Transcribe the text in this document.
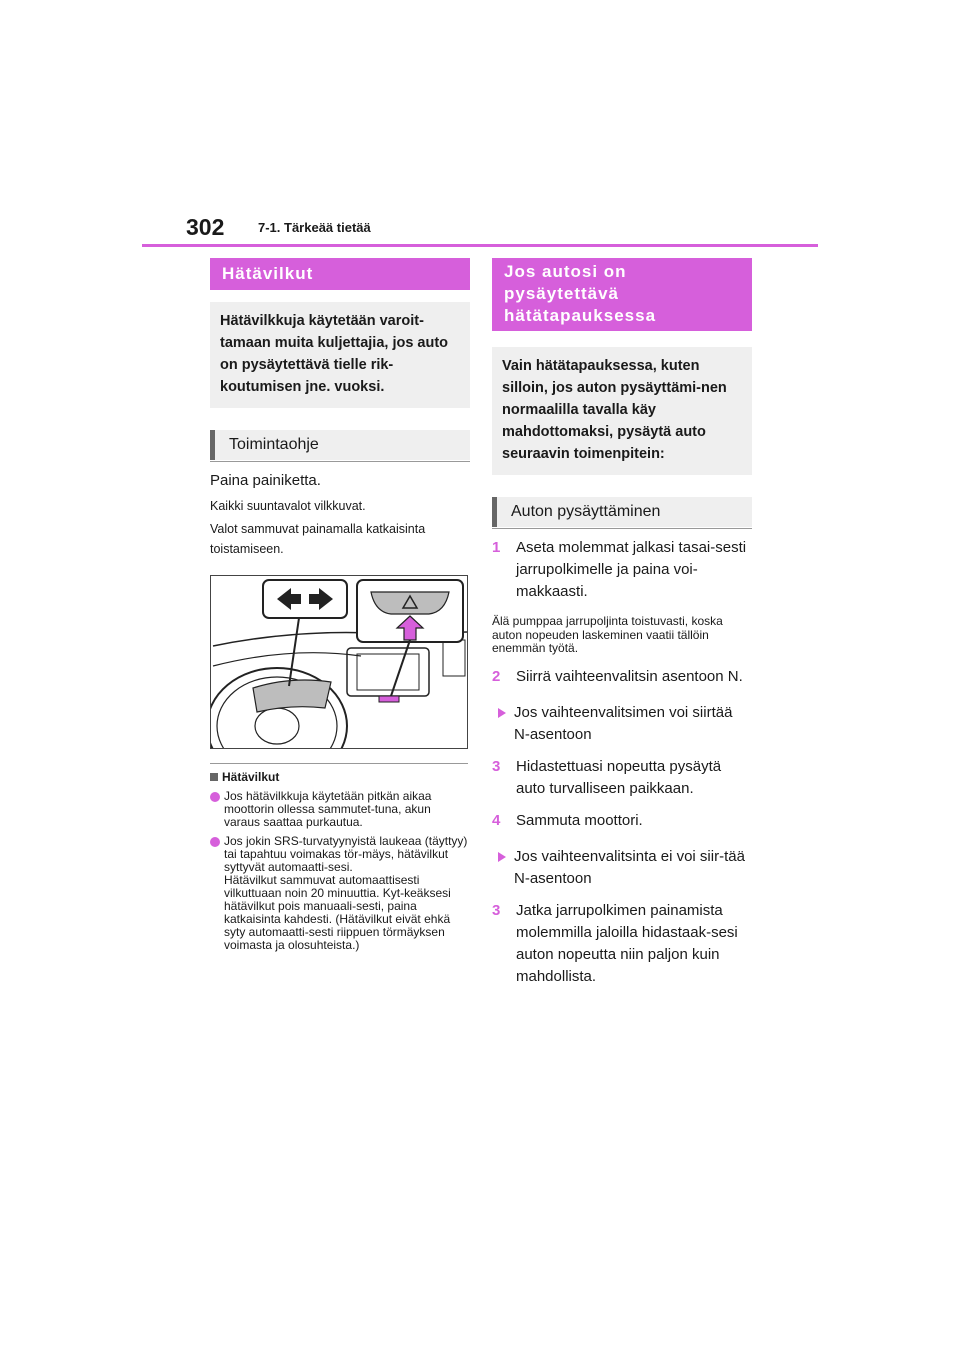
302	7-1. Tärkeää tietää
Hätävilkut
Hätävilkkuja käytetään varoit-tamaan muita kuljettajia, jos auto on pysäytettävä tielle rik-koutumisen jne. vuoksi.
Toimintaohje

Paina painiketta.

Kaikki suuntavalot vilkkuvat.

Valot sammuvat painamalla katkaisinta toistamiseen.

Hätävilkut
Jos hätävilkkuja käytetään pitkän aikaa moottorin ollessa sammutet-tuna, akun varaus saattaa purkautua.
Jos jokin SRS-turvatyynyistä laukeaa (täyttyy) tai tapahtuu voimakas tör-mäys, hätävilkut syttyvät automaatti-sesi.
Hätävilkut sammuvat automaattisesti vilkuttuaan noin 20 minuuttia. Kyt-keäksesi hätävilkut pois manuaali-sesti, paina katkaisinta kahdesti. (Hätävilkut eivät ehkä syty automaatti-sesti riippuen törmäyksen voimasta ja olosuhteista.)
Jos autosi on pysäytettävä hätätapauksessa
Vain hätätapauksessa, kuten silloin, jos auton pysäyttämi-nen normaalilla tavalla käy mahdottomaksi, pysäytä auto seuraavin toimenpitein:
Auton pysäyttäminen
1	Aseta molemmat jalkasi tasai-sesti jarrupolkimelle ja paina voi-makkaasti.

Älä pumppaa jarrupoljinta toistuvasti, koska auton nopeuden laskeminen vaatii tällöin enemmän työtä.

2	Siirrä vaihteenvalitsin asentoon N.
Jos vaihteenvalitsimen voi siirtää N-asentoon
3	Hidastettuasi nopeutta pysäytä auto turvalliseen paikkaan.
4	Sammuta moottori.
Jos vaihteenvalitsinta ei voi siir-tää N-asentoon
3	Jatka jarrupolkimen painamista molemmilla jaloilla hidastaak-sesi auton nopeutta niin paljon kuin mahdollista.
